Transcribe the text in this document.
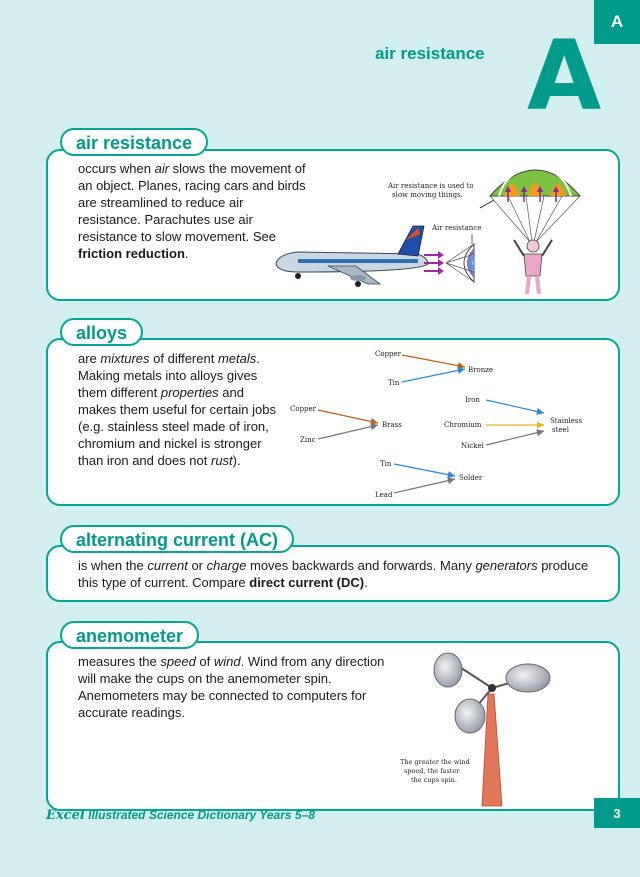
A
air resistance A
air resistance
occurs when air slows the movement of an object. Planes, racing cars and birds are streamlined to reduce air resistance. Parachutes use air resistance to slow movement. See friction reduction.
Air resistance
Air resistance is used to
slow moving things.
alloys
are mixtures of different metals. Making metals into alloys gives them different properties and makes them useful for certain jobs (e.g. stainless steel made of iron, chromium and nickel is stronger than iron and does not rust).
Copper
Tin
Bronze
Copper
Zinc
Brass
Iron
Chromium
Nickel
Stainless
steel
Tin
Lead
Solder
alternating current (AC)
is when the current or charge moves backwards and forwards. Many generators produce this type of current. Compare direct current (DC).
anemometer
measures the speed of wind. Wind from any direction will make the cups on the anemometer spin. Anemometers may be connected to computers for accurate readings.
The greater the wind
speed, the faster
the cups spin.
Excel Illustrated Science Dictionary Years 5–8	3
